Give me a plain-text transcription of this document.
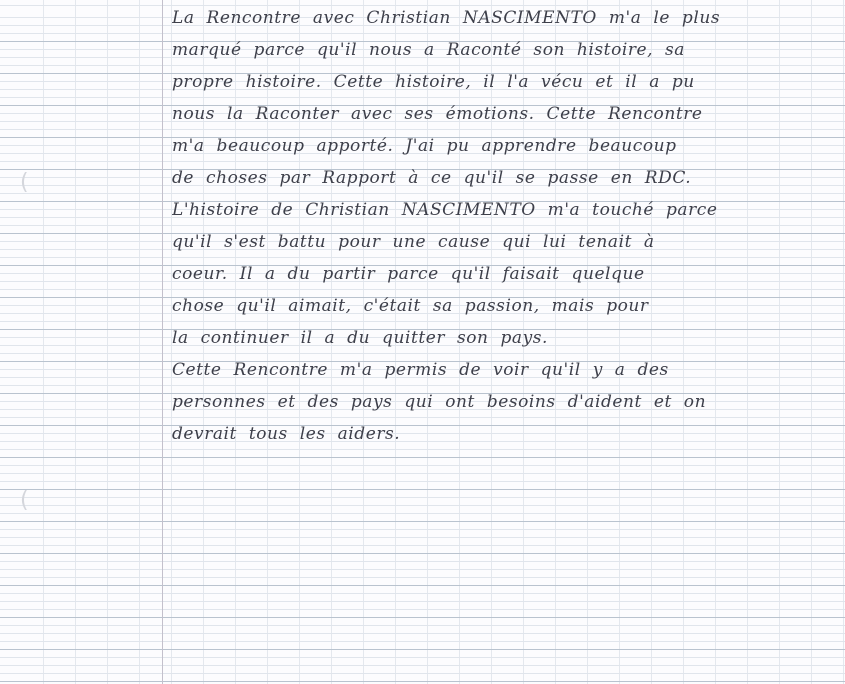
(
(
La Rencontre avec Christian NASCIMENTO m'a le plus
marqué parce qu'il nous a Raconté son histoire, sa
propre histoire. Cette histoire, il l'a vécu et il a pu
nous la Raconter avec ses émotions. Cette Rencontre
m'a beaucoup apporté. J'ai pu apprendre beaucoup
de choses par Rapport à ce qu'il se passe en RDC.
L'histoire de Christian NASCIMENTO m'a touché parce
qu'il s'est battu pour une cause qui lui tenait à
coeur. Il a du partir parce qu'il faisait quelque
chose qu'il aimait, c'était sa passion, mais pour
la continuer il a du quitter son pays.
Cette Rencontre m'a permis de voir qu'il y a des
personnes et des pays qui ont besoins d'aident et on
devrait tous les aiders.
